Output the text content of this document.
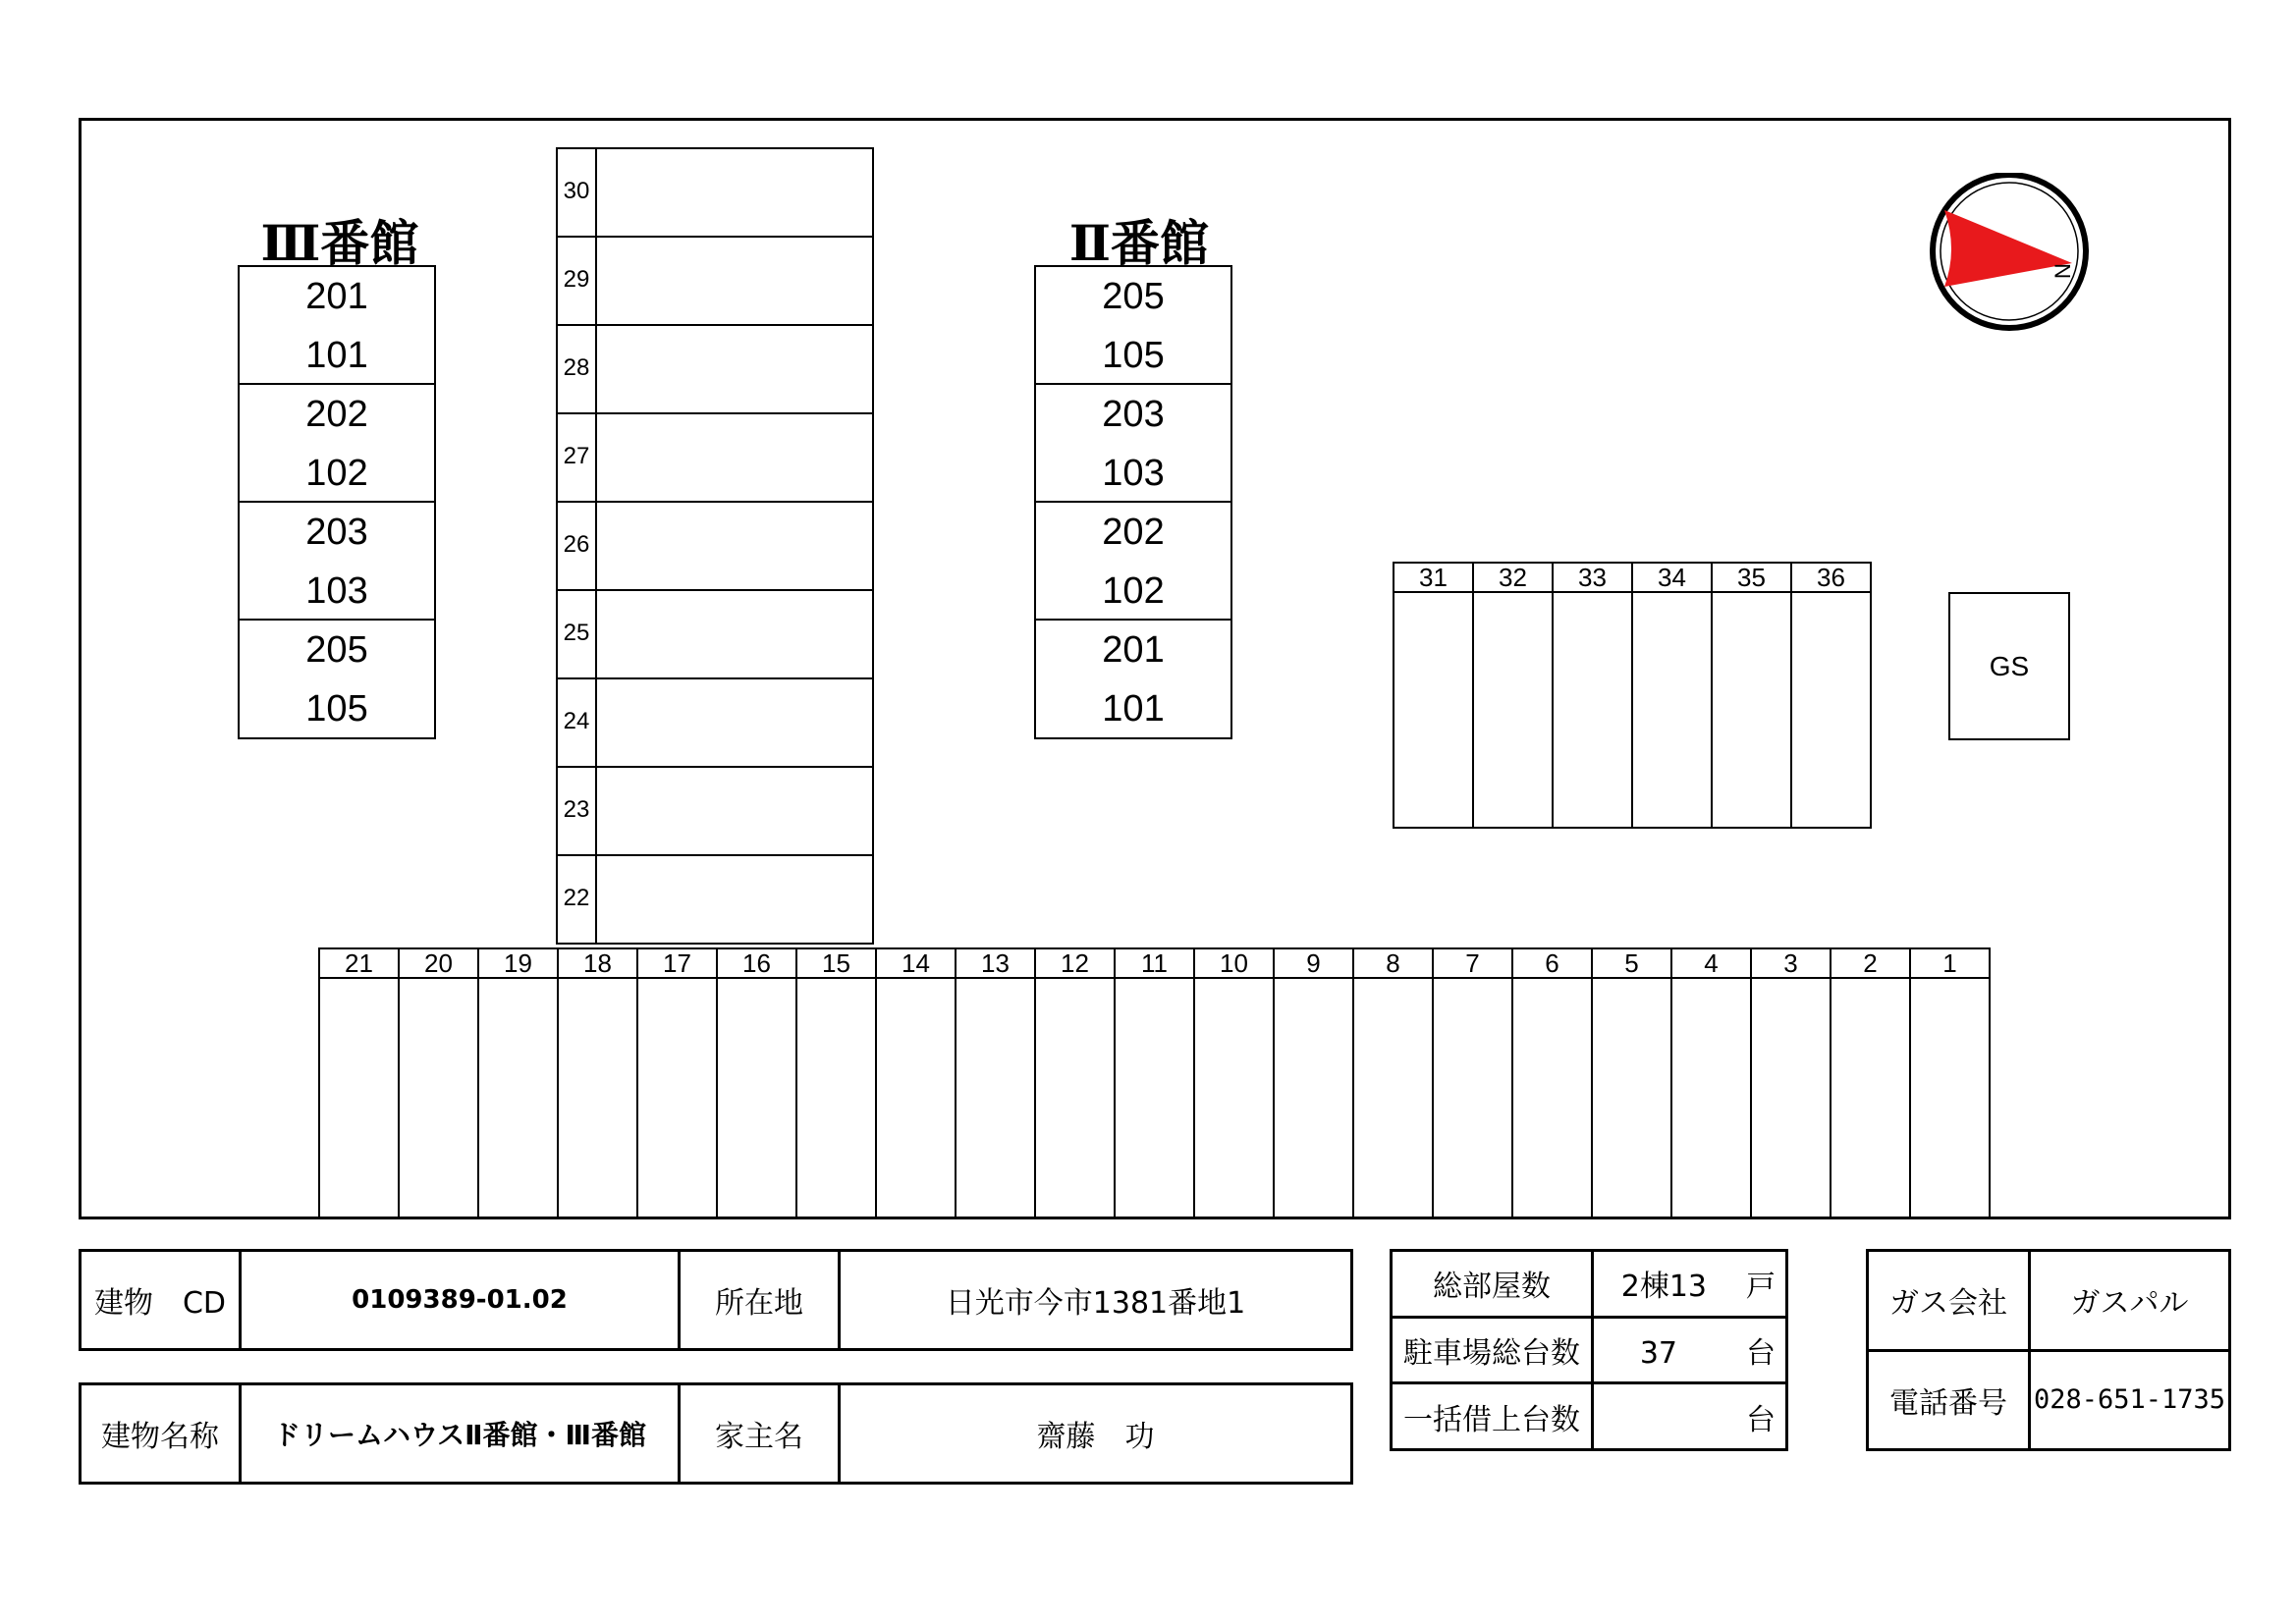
Ⅲ番館
201
101
202
102
203
103
205
105
Ⅱ番館
205
105
203
103
202
102
201
101
30
29
28
27
26
25
24
23
22
21	20	19	18	17	16	15	14	13	12	11	10	9	8	7	6	5	4	3	2	1
31	32	33	34	35	36
GS
N
建物　CD	0109389-01.02	所在地	日光市今市1381番地1
建物名称	ドリームハウスⅡ番館・Ⅲ番館	家主名	齋藤　功
総部屋数	2棟13 戸
駐車場総台数	37 台
一括借上台数	台
ガス会社	ガスパル
電話番号	028-651-1735
